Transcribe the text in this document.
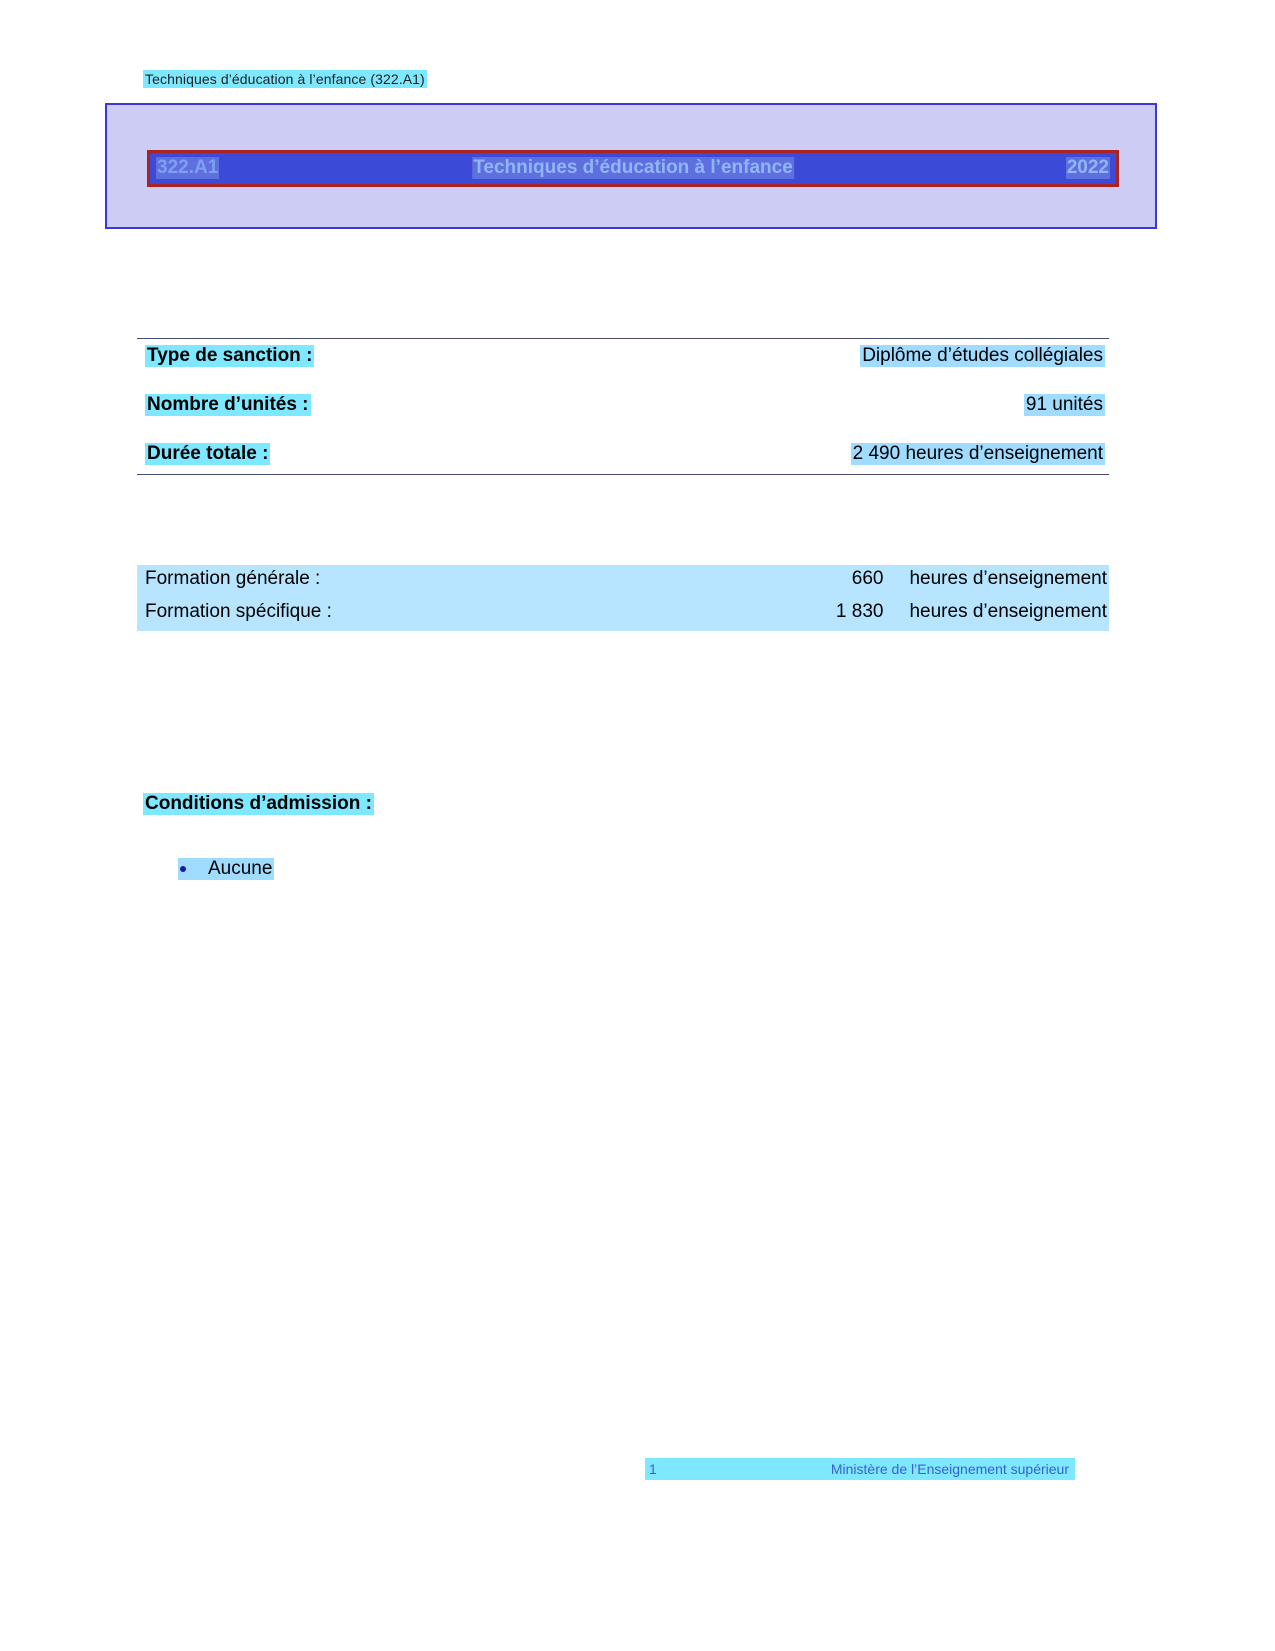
Techniques d’éducation à l’enfance (322.A1)
322.A1	Techniques d’éducation à l’enfance	2022
Type de sanction :	Diplôme d’études collégiales
Nombre d’unités :	91 unités
Durée totale :	2 490 heures d’enseignement
Formation générale :	660 heures d’enseignement
Formation spécifique :	1 830 heures d’enseignement
Conditions d’admission :
Aucune
1	Ministère de l’Enseignement supérieur
